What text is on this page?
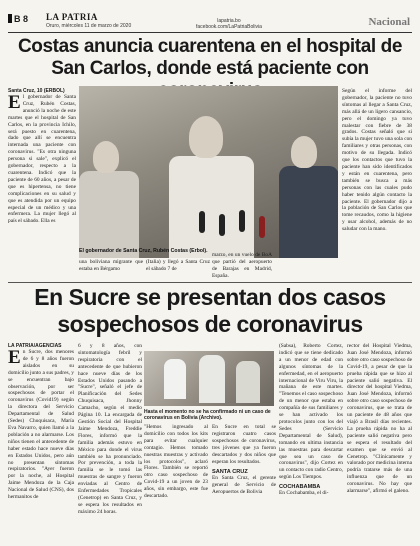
B 8 LA PATRIA
Oruro, miércoles 11 de marzo de 2020
lapatria.bo
facebook.com/LaPatriaBolivia	Nacional
Costas anuncia cuarentena en el hospital de San Carlos, donde está paciente con
Santa Cruz, 10 (ERBOL)
E l gobernador de Santa Cruz, Rubén Costas, anunció la noche de este martes que el hospital de San Carlos, en la provincia Ichilo, será puesto en cuarentena, dado que allí se encuentra internada una paciente con coronavirus. "Es otra ninguna persona si sale", explicó el gobernador, respecto a la cuarentena. Indicó que la paciente de 60 años, a pesar de que es hipertensa, no tiene complicaciones en su salud y que es atendida por un equipo especial de un médico y una enfermera. La mujer llegó al país el sábado. Ella es
una boliviana migrante que estaba en Bérgamo
El gobernador de Santa Cruz, Rubén Costas (Erbol).
(Italia) y llegó a Santa Cruz el sábado 7 de
marzo, en un vuelo de BoA que partió del aeropuerto de Barajas en Madrid, España.
Según el informe del gobernador, la paciente no tuvo síntomas al llegar a Santa Cruz, más allá de un ligero cansancio, pero el domingo ya tuvo malestar con fiebre de 38 grados. Costas señaló que si subía la mujer tuvo una sola con familiares y otras personas, con motivo de su llegada. Indicó que los contactos que tuvo la paciente han sido identificados y están en cuarentena, pero también se busca a más personas con las cuales pudo haber tenido algún contacto la paciente. El gobernador dijo a la población de San Carlos que tome recaudos, como la higiene y usar alcohol, además de no saludar con la mano.
En Sucre se presentan dos casos sospechosos de coronavirus
LA PATRIA/AGENCIAS
E n Sucre, dos menores de 6 y 8 años fueron aislados en su domicilio junto a sus padres, y se encuentran bajo observación, por ser sospechosos de portar el coronavirus (Covid19) según la directora del Servicio Departamental de Salud (Sedes) Chuquisaca, María Eva Navarro, quien llamó a la población a no alarmarse. Los niños tienen el antecedente de haber estado hace nueve días en Estados Unidos, pero aún no presentan síntomas respiratorios. "Ayer fueron por la noche, al Hospital Jaime Mendoza de la Caja Nacional de Salud (CNS), dos hermanitos de
6 y 8 años, con sintomatología febril y respiratoria con el antecedente de que hubieron hace nueve días de los Estados Unidos pasando a "Sucre", señaló el jefe de Planificación del Sedes Chuquisaca, Jhonny Camacho, según el medio Página 10. La encargada de Gestión Social del Hospital Jaime Mendoza, Freddie Flores, informó que la familia además estuvo en México para donde el virus también se ha pronunciado. Por prevención, a toda la familia se le tomó las muestras de sangre y fueron enviadas al Centro de Enfermedades Tropicales (Cenetrop) en Santa Cruz, y se espera los resultados en máximo 24 horas.
Hasta el momento no se ha confirmado ni un caso de coronavirus en Bolivia (Archivo).
"Hemos ingresado al domicilio con todos los kits para evitar cualquier contagio. Hemos tomado nuestras muestras y activado los protocolos", aclaró Flores. También se reportó otro caso sospechoso de Covid-19 a un joven de 23 años, sin embargo, este fue descartado.
En Sucre en total se registraron cuatro casos sospechosos de coronavirus, tres jóvenes que ya fueron descartados y dos niños que esperan los resultados.
SANTA CRUZ
En Santa Cruz, el gerente general de Servicio de Aeropuertos de Bolivia
(Sabsa), Roberto Cortez, indicó que se tiene dedicado a un menor de edad con algunos síntomas de la enfermedad, en el aeropuerto internacional de Viru Viru, la mañana de este martes. "Tenemos el caso sospechoso de un menor que estaba en compañía de sus familiares y se han activado los protocolos junto con los del Sedes (Servicio Departamental de Salud), tomando en ultima instancia las muestras para descartar que sea un caso de coronavirus", dijo Cortez en un contacto con radio Centro, según Los Tiempos.
COCHABAMBA
En Cochabamba, el di-
rector del Hospital Viedma, Juan José Mendoza, informó sobre otro caso sospechoso de Covid-19, a pesar de que la prueba rápida que se hizo al paciente salió negativa. El director del hospital Viedma, Juan José Mendoza, informó sobre otro caso sospechoso de coronavirus, que se trata de un paciente de 48 años que viajó a Brasil días recientes. La prueba rápida no ha al paciente salió negativa pero se espera el resultado del examen que se envió al Cenetrop. "Clínicamente y valorado por medicina interna podría tratarse más de una influenza que de un coronavirus. No hay que alarmarse", afirmó el galeno.
